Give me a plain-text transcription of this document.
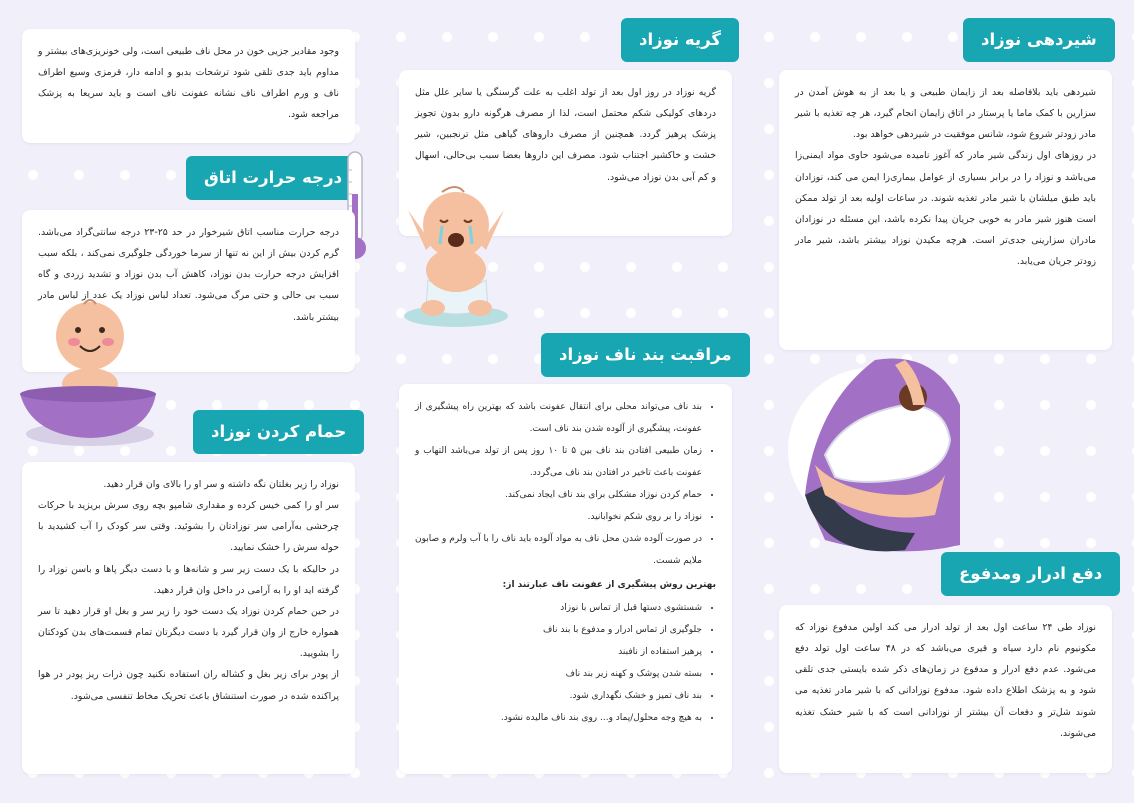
شیردهی نوزاد

شیردهی باید بلافاصله بعد از زایمان طبیعی و یا بعد از به هوش آمدن در سزارین با کمک ماما یا پرستار در اتاق زایمان انجام گیرد، هر چه تغذیه با شیر مادر زودتر شروع شود، شانس موفقیت در شیردهی خواهد بود.

در روزهای اول زندگی شیر مادر که آغوز نامیده می‌شود حاوی مواد ایمنی‌زا می‌باشد و نوزاد را در برابر بسیاری از عوامل بیماری‌زا ایمن می کند، نوزادان باید طبق میلشان با شیر مادر تغذیه شوند. در ساعات اولیه بعد از تولد ممکن است هنوز شیر مادر به خوبی جریان پیدا نکرده باشد، این مسئله در نوزادان مادران سزارینی جدی‌تر است. هرچه مکیدن نوزاد بیشتر باشد، شیر مادر زودتر جریان می‌یابد.

دفع ادرار ومدفوع

نوزاد طی ۲۴ ساعت اول بعد از تولد ادرار می کند اولین مدفوع نوزاد که مکونیوم نام دارد سیاه و قیری می‌باشد که در ۴۸ ساعت اول تولد دفع می‌شود. عدم دفع ادرار و مدفوع در زمان‌های ذکر شده بایستی جدی تلقی شود و به پزشک اطلاع داده شود. مدفوع نوزادانی که با شیر مادر تغذیه می شوند شل‌تر و دفعات آن بیشتر از نوزادانی است که با شیر خشک تغذیه می‌شوند.

گریه نوزاد

گریه نوزاد در روز اول بعد از تولد اغلب به علت گرسنگی یا سایر علل مثل دردهای کولیکی شکم محتمل است، لذا از مصرف هرگونه دارو بدون تجویز پزشک پرهیز گردد. همچنین از مصرف داروهای گیاهی مثل ترنجبین، شیر خشت و خاکشیر اجتناب شود. مصرف این داروها بعضا سبب بی‌حالی، اسهال و کم آبی بدن نوزاد می‌شود.

مراقبت بند ناف نوزاد
• بند ناف می‌تواند محلی برای انتقال عفونت باشد که بهترین راه پیشگیری از عفونت، پیشگیری از آلوده شدن بند ناف است.
• زمان طبیعی افتادن بند ناف بین ۵ تا ۱۰ روز پس از تولد می‌باشد التهاب و عفونت باعث تاخیر در افتادن بند ناف می‌گردد.
• حمام کردن نوزاد مشکلی برای بند ناف ایجاد نمی‌کند.
• نوزاد را بر روی شکم نخوابانید.
• در صورت آلوده شدن محل ناف به مواد آلوده باید ناف را با آب ولرم و صابون ملایم شست.
بهترین روش پیشگیری از عفونت ناف عبارتند از:
• شستشوی دستها قبل از تماس با نوزاد
• جلوگیری از تماس ادرار و مدفوع با بند ناف
• پرهیز استفاده از نافبند
• بسته شدن پوشک و کهنه زیر بند ناف
• بند ناف تمیز و خشک نگهداری شود.
• به هیچ وجه محلول/پماد و... روی بند ناف مالیده نشود.

وجود مقادیر جزیی خون در محل ناف طبیعی است، ولی خونریزی‌های بیشتر و مداوم باید جدی تلقی شود ترشحات بدبو و ادامه دار، قرمزی وسیع اطراف ناف و ورم اطراف ناف نشانه عفونت ناف است و باید سریعا به پزشک مراجعه شود.

درجه حرارت اتاق

درجه حرارت مناسب اتاق شیرخوار در حد ۲۵-۲۳ درجه سانتی‌گراد می‌باشد. گرم کردن بیش از این نه تنها از سرما خوردگی جلوگیری نمی‌کند ، بلکه سبب افزایش درجه حرارت بدن نوزاد، کاهش آب بدن نوزاد و تشدید زردی و گاه سبب بی حالی و حتی مرگ می‌شود. تعداد لباس نوزاد یک عدد از لباس مادر بیشتر باشد.

حمام کردن نوزاد

نوزاد را زیر بغلتان نگه داشته و سر او را بالای وان قرار دهید.

سر او را کمی خیس کرده و مقداری شامپو بچه روی سرش بریزید با حرکات چرخشی به‌آرامی سر نوزادتان را بشوئید. وقتی سر کودک را آب کشیدید با حوله سرش را خشک نمایید.

در حالیکه با یک دست زیر سر و شانه‌ها و با دست دیگر پاها و باسن نوزاد را گرفته اید او را به آرامی در داخل وان قرار دهید.

در حین حمام کردن نوزاد یک دست خود را زیر سر و بغل او قرار دهید تا سر همواره خارج از وان قرار گیرد با دست دیگرتان تمام قسمت‌های بدن کودکتان را بشویید.

از پودر برای زیر بغل و کشاله ران استفاده نکنید چون ذرات ریز پودر در هوا پراکنده شده در صورت استنشاق باعث تحریک مخاط تنفسی می‌شود.
